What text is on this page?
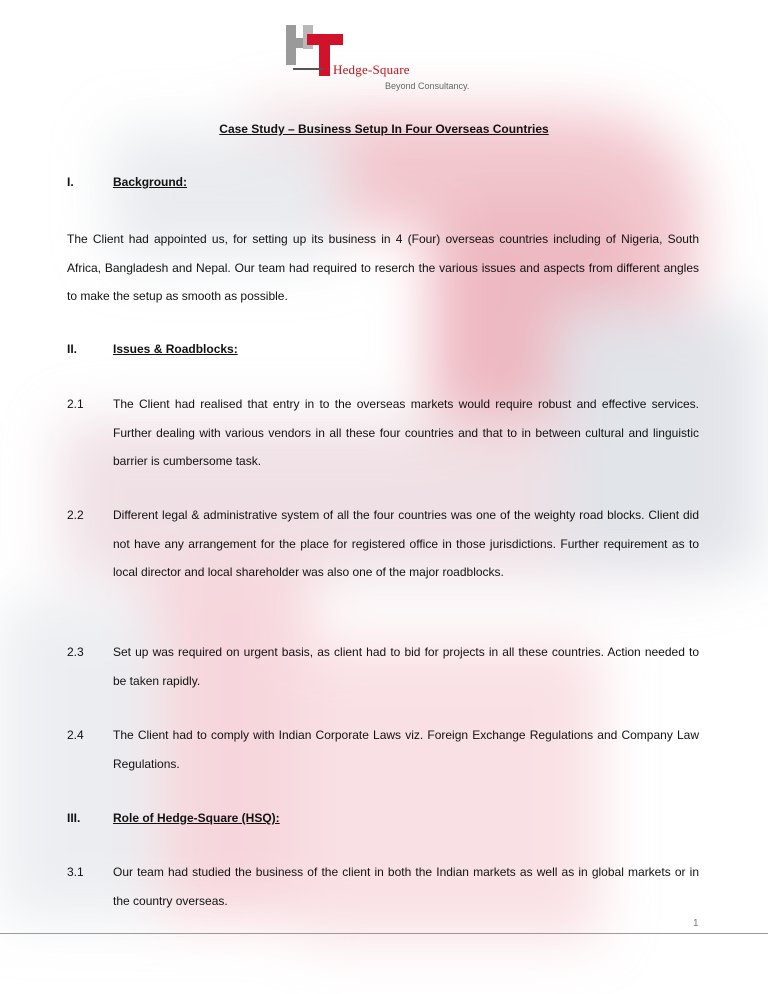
Hedge-Square
Beyond Consultancy.
Case Study – Business Setup In Four Overseas Countries
I.	Background:

The Client had appointed us, for setting up its business in 4 (Four) overseas countries including of Nigeria, South Africa, Bangladesh and Nepal. Our team had required to reserch the various issues and aspects from different angles to make the setup as smooth as possible.

II.	Issues & Roadblocks:
2.1 The Client had realised that entry in to the overseas markets would require robust and effective services. Further dealing with various vendors in all these four countries and that to in between cultural and linguistic barrier is cumbersome task.

2.2 Different legal & administrative system of all the four countries was one of the weighty road blocks. Client did not have any arrangement for the place for registered office in those jurisdictions. Further requirement as to local director and local shareholder was also one of the major roadblocks.

2.3 Set up was required on urgent basis, as client had to bid for projects in all these countries. Action needed to be taken rapidly.

2.4 The Client had to comply with Indian Corporate Laws viz. Foreign Exchange Regulations and Company Law Regulations.

III.	Role of Hedge-Square (HSQ):
3.1 Our team had studied the business of the client in both the Indian markets as well as in global markets or in the country overseas.

1
